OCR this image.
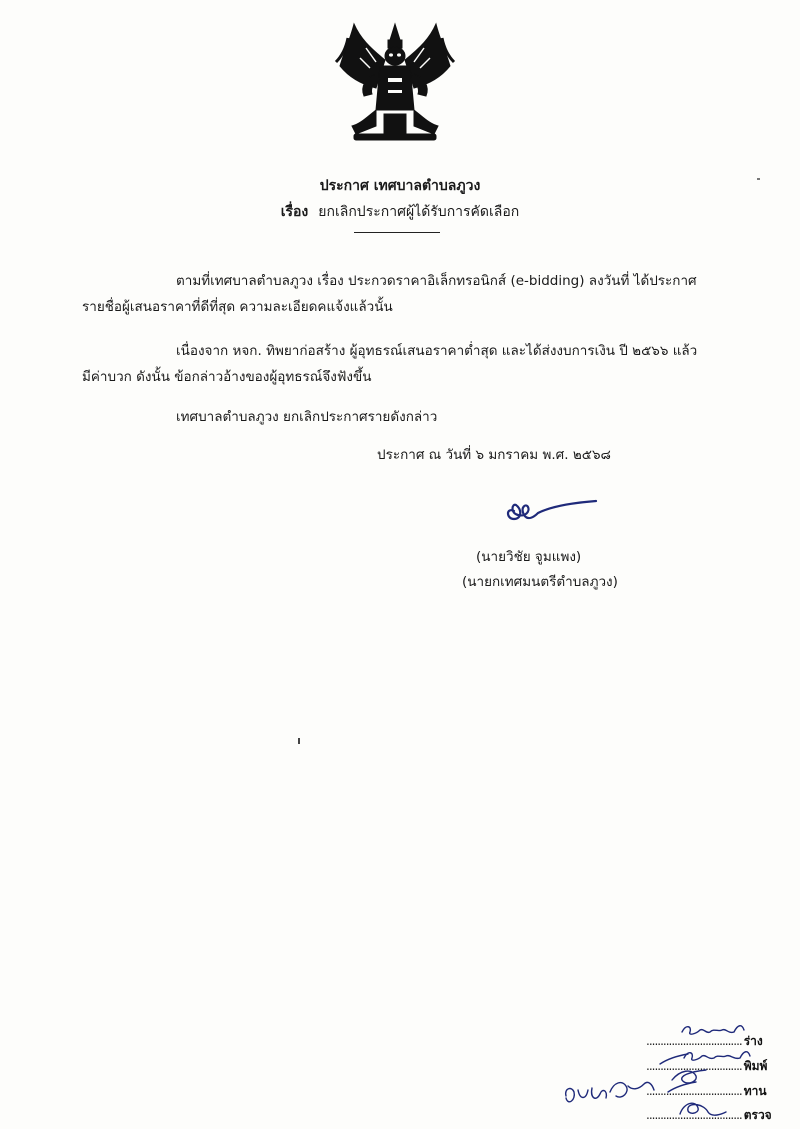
ประกาศ เทศบาลตำบลภูวง
เรื่อง ยกเลิกประกาศผู้ได้รับการคัดเลือก
ตามที่เทศบาลตำบลภูวง เรื่อง ประกวดราคาอิเล็กทรอนิกส์ (e-bidding) ลงวันที่ ได้ประกาศ
รายชื่อผู้เสนอราคาที่ดีที่สุด ความละเอียดคแจ้งแล้วนั้น
เนื่องจาก หจก. ทิพยาก่อสร้าง ผู้อุทธรณ์เสนอราคาต่ำสุด และได้ส่งงบการเงิน ปี ๒๕๖๖ แล้ว
มีค่าบวก ดังนั้น ข้อกล่าวอ้างของผู้อุทธรณ์จึงฟังขึ้น
เทศบาลตำบลภูวง ยกเลิกประกาศรายดังกล่าว
ประกาศ ณ วันที่ ๖ มกราคม พ.ศ. ๒๕๖๘
(นายวิชัย จูมแพง)
(นายกเทศมนตรีตำบลภูวง)
.................................. ร่าง
.................................. พิมพ์
.................................. ทาน
.................................. ตรวจ
